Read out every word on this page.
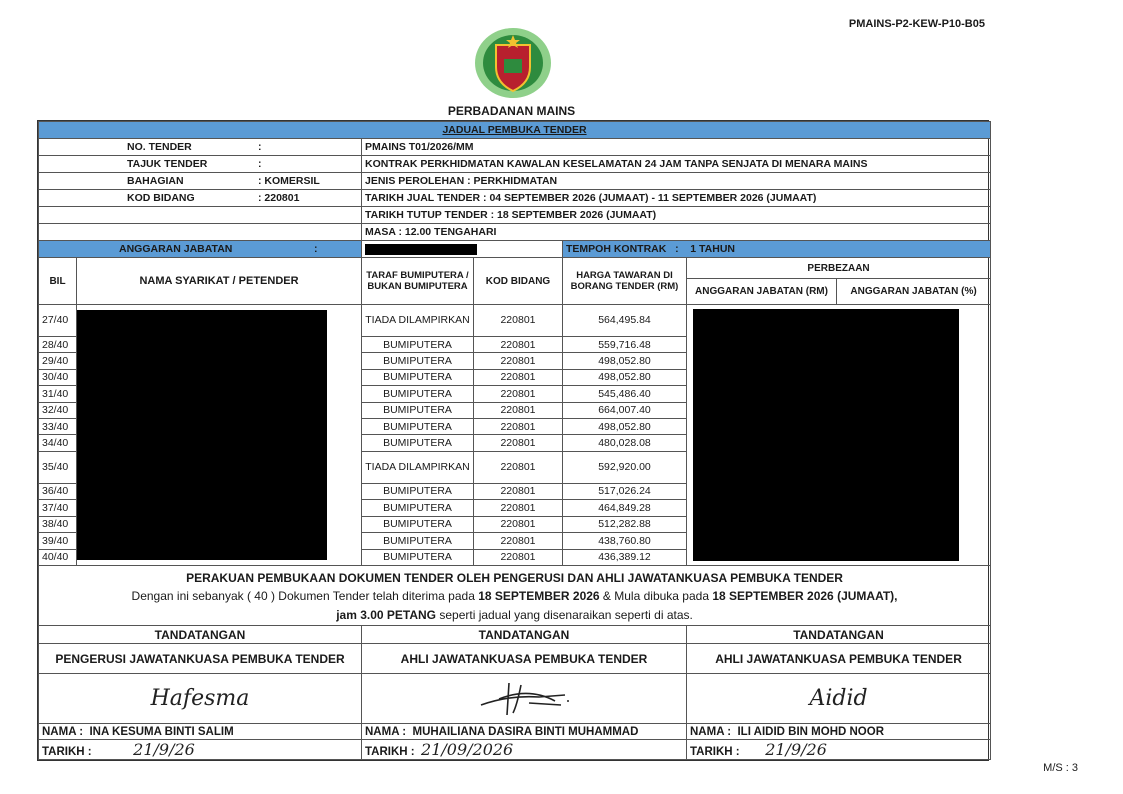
PMAINS-P2-KEW-P10-B05
PERBADANAN MAINS
JADUAL PEMBUKA TENDER						
NO. TENDER :		PMAINS T01/2026/MM				
TAJUK TENDER :		KONTRAK PERKHIDMATAN KAWALAN KESELAMATAN 24 JAM TANPA SENJATA DI MENARA MAINS				
BAHAGIAN : KOMERSIL		JENIS PEROLEHAN : PERKHIDMATAN				
KOD BIDANG : 220801		TARIKH JUAL TENDER : 04 SEPTEMBER 2026 (JUMAAT) - 11 SEPTEMBER 2026 (JUMAAT)				
		TARIKH TUTUP TENDER : 18 SEPTEMBER 2026 (JUMAAT)				
		MASA : 12.00 TENGAHARI				
ANGGARAN JABATAN :				TEMPOH KONTRAK : 1 TAHUN		
BIL	NAMA SYARIKAT / PETENDER	TARAF BUMIPUTERA / BUKAN BUMIPUTERA	KOD BIDANG	HARGA TAWARAN DI BORANG TENDER (RM)	PERBEZAAN	
					ANGGARAN JABATAN (RM)	ANGGARAN JABATAN (%)
27/40		TIADA DILAMPIRKAN	220801	564,495.84		

28/40		BUMIPUTERA	220801	559,716.48		
29/40		BUMIPUTERA	220801	498,052.80		
30/40		BUMIPUTERA	220801	498,052.80		
31/40		BUMIPUTERA	220801	545,486.40		
32/40		BUMIPUTERA	220801	664,007.40		
33/40		BUMIPUTERA	220801	498,052.80		
34/40		BUMIPUTERA	220801	480,028.08		
35/40		TIADA DILAMPIRKAN	220801	592,920.00		
36/40		BUMIPUTERA	220801	517,026.24		
37/40		BUMIPUTERA	220801	464,849.28		
38/40		BUMIPUTERA	220801	512,282.88		
39/40		BUMIPUTERA	220801	438,760.80		
40/40		BUMIPUTERA	220801	436,389.12		
PERAKUAN PEMBUKAAN DOKUMEN TENDER OLEH PENGERUSI DAN AHLI JAWATANKUASA PEMBUKA TENDER						
Dengan ini sebanyak ( 40 ) Dokumen Tender telah diterima pada 18 SEPTEMBER 2026 & Mula dibuka pada 18 SEPTEMBER 2026 (JUMAAT),						
jam 3.00 PETANG seperti jadual yang disenaraikan seperti di atas.						
TANDATANGAN		TANDATANGAN			TANDATANGAN	
PENGERUSI JAWATANKUASA PEMBUKA TENDER		AHLI JAWATANKUASA PEMBUKA TENDER			AHLI JAWATANKUASA PEMBUKA TENDER	
Hafesma					Aidid	
NAMA : INA KESUMA BINTI SALIM		NAMA : MUHAILIANA DASIRA BINTI MUHAMMAD			NAMA : ILI AIDID BIN MOHD NOOR	
TARIKH : 21/9/26		TARIKH : 21/09/2026			TARIKH : 21/9/26	
M/S : 3
